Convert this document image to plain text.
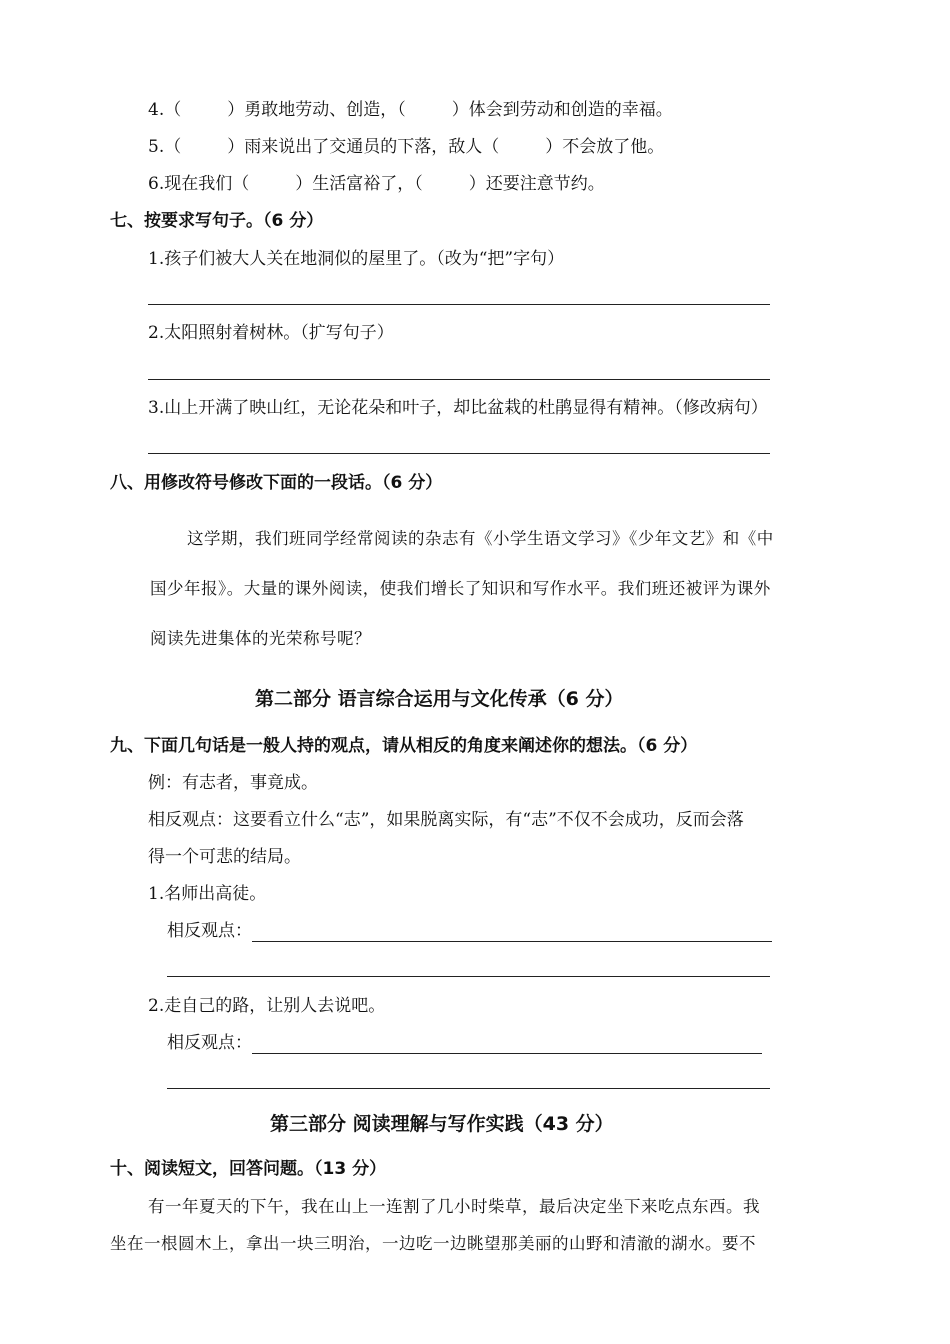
4.（	）勇敢地劳动、创造，（	）体会到劳动和创造的幸福。
5.（	）雨来说出了交通员的下落，敌人（	）不会放了他。
6.现在我们（	）生活富裕了，（	）还要注意节约。
七、按要求写句子。（6 分）
1.孩子们被大人关在地洞似的屋里了。（改为“把”字句）
2.太阳照射着树林。（扩写句子）
3.山上开满了映山红，无论花朵和叶子，却比盆栽的杜鹃显得有精神。（修改病句）
八、用修改符号修改下面的一段话。（6 分）
这学期，我们班同学经常阅读的杂志有《小学生语文学习》《少年文艺》和《中
国少年报》。大量的课外阅读，使我们增长了知识和写作水平。我们班还被评为课外
阅读先进集体的光荣称号呢？
第二部分 语言综合运用与文化传承（6 分）
九、下面几句话是一般人持的观点，请从相反的角度来阐述你的想法。（6 分）
例：有志者，事竟成。
相反观点：这要看立什么“志”，如果脱离实际，有“志”不仅不会成功，反而会落
得一个可悲的结局。
1.名师出高徒。
相反观点：
2.走自己的路，让别人去说吧。
相反观点：
第三部分 阅读理解与写作实践（43 分）
十、阅读短文，回答问题。（13 分）
有一年夏天的下午，我在山上一连割了几小时柴草，最后决定坐下来吃点东西。我
坐在一根圆木上，拿出一块三明治，一边吃一边眺望那美丽的山野和清澈的湖水。要不
